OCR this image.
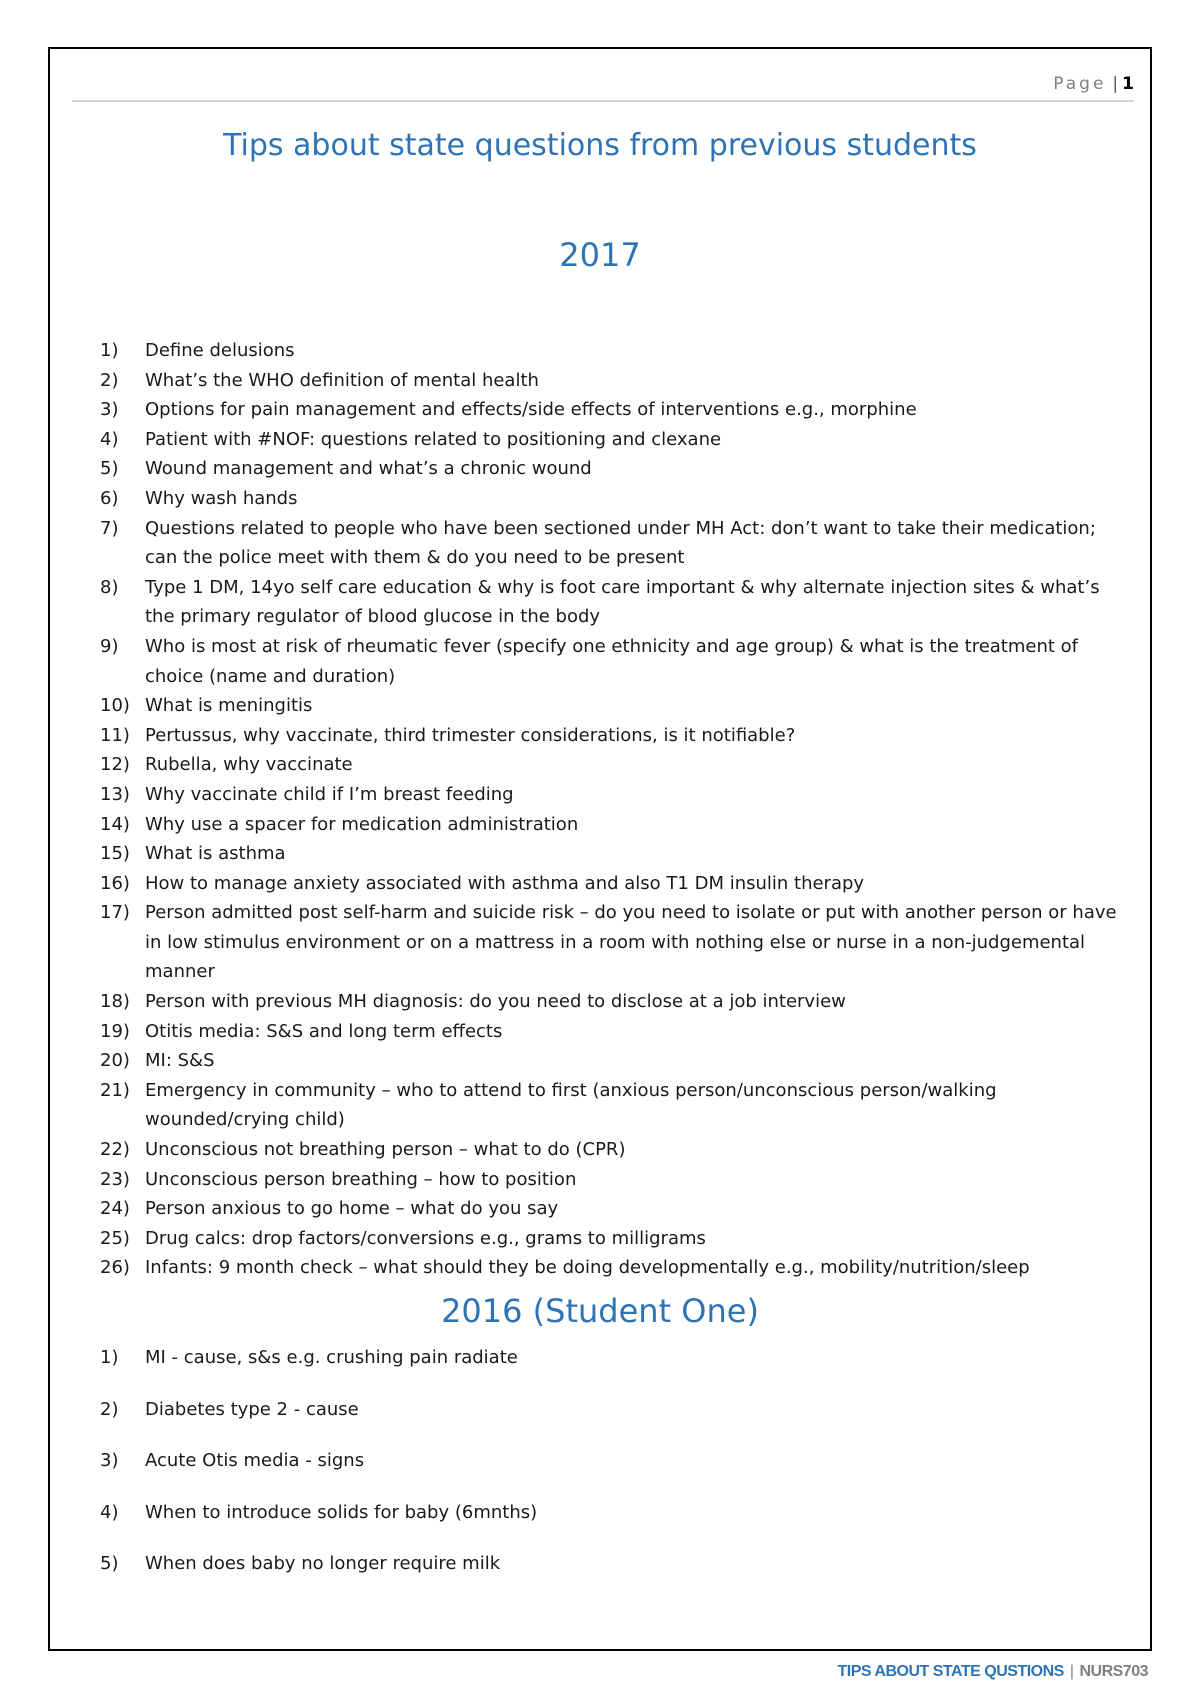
Page | 1
Tips about state questions from previous students
2017
1)	Define delusions
2)	What’s the WHO definition of mental health
3)	Options for pain management and effects/side effects of interventions e.g., morphine
4)	Patient with #NOF: questions related to positioning and clexane
5)	Wound management and what’s a chronic wound
6)	Why wash hands
7)	Questions related to people who have been sectioned under MH Act: don’t want to take their medication; can the police meet with them & do you need to be present
8)	Type 1 DM, 14yo self care education & why is foot care important & why alternate injection sites & what’s the primary regulator of blood glucose in the body
9)	Who is most at risk of rheumatic fever (specify one ethnicity and age group) & what is the treatment of choice (name and duration)
10) What is meningitis
11) Pertussus, why vaccinate, third trimester considerations, is it notifiable?
12) Rubella, why vaccinate
13) Why vaccinate child if I’m breast feeding
14) Why use a spacer for medication administration
15) What is asthma
16) How to manage anxiety associated with asthma and also T1 DM insulin therapy
17) Person admitted post self-harm and suicide risk – do you need to isolate or put with another person or have in low stimulus environment or on a mattress in a room with nothing else or nurse in a non-judgemental manner
18) Person with previous MH diagnosis: do you need to disclose at a job interview
19) Otitis media: S&S and long term effects
20) MI: S&S
21) Emergency in community – who to attend to first (anxious person/unconscious person/walking wounded/crying child)
22) Unconscious not breathing person – what to do (CPR)
23) Unconscious person breathing – how to position
24) Person anxious to go home – what do you say
25) Drug calcs: drop factors/conversions e.g., grams to milligrams
26) Infants: 9 month check – what should they be doing developmentally e.g., mobility/nutrition/sleep
2016 (Student One)
1)	MI - cause, s&s e.g. crushing pain radiate
2)	Diabetes type 2 - cause
3)	Acute Otis media - signs
4)	When to introduce solids for baby (6mnths)
5)	When does baby no longer require milk
TIPS ABOUT STATE QUSTIONS | NURS703
